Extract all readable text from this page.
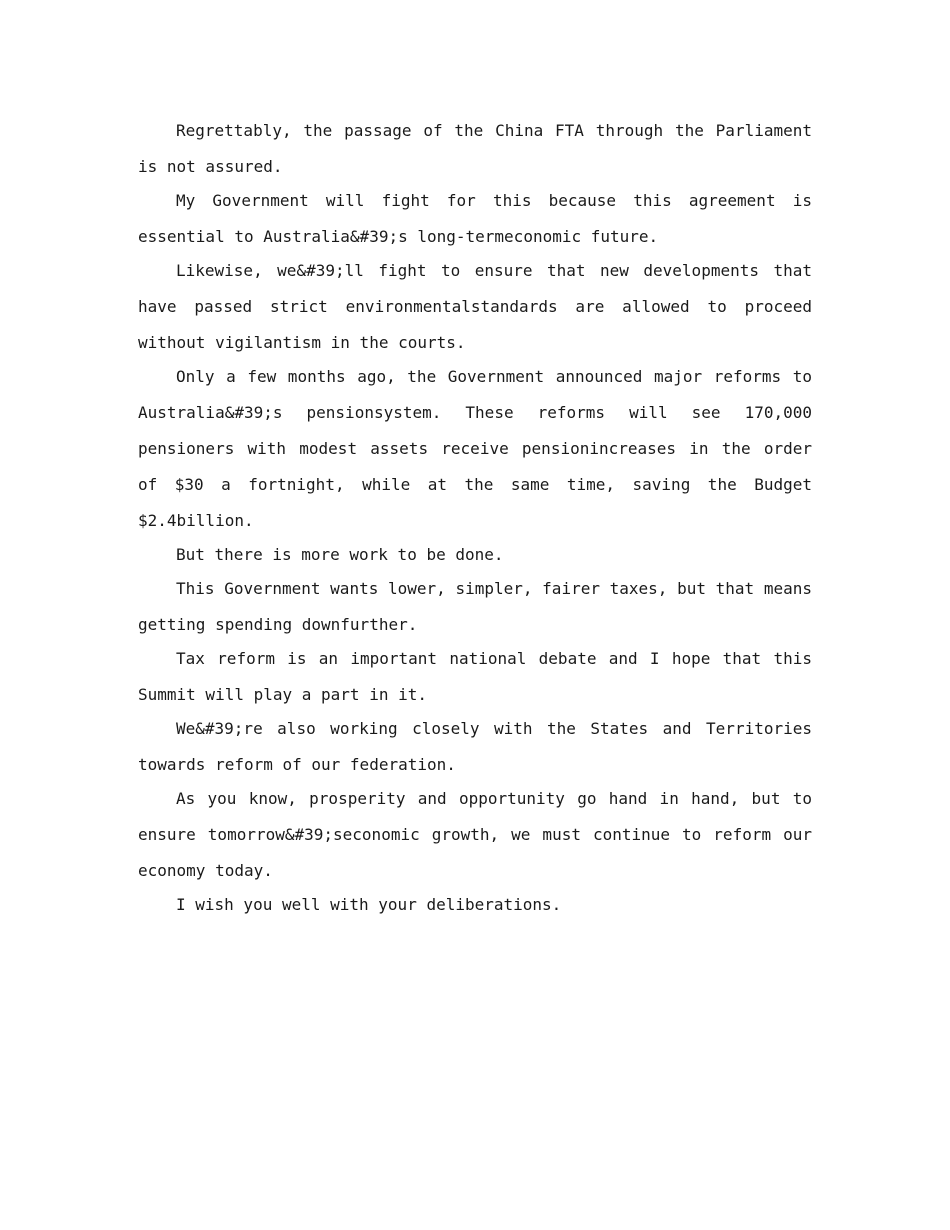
Regrettably, the passage of the China FTA through the Parliament is not assured.

My Government will fight for this because this agreement is essential to Australia&#39;s long-termeconomic future.

Likewise, we&#39;ll fight to ensure that new developments that have passed strict environmentalstandards are allowed to proceed without vigilantism in the courts.

Only a few months ago, the Government announced major reforms to Australia&#39;s pensionsystem. These reforms will see 170,000 pensioners with modest assets receive pensionincreases in the order of $30 a fortnight, while at the same time, saving the Budget $2.4billion.

But there is more work to be done.

This Government wants lower, simpler, fairer taxes, but that means getting spending downfurther.

Tax reform is an important national debate and I hope that this Summit will play a part in it.

We&#39;re also working closely with the States and Territories towards reform of our federation.

As you know, prosperity and opportunity go hand in hand, but to ensure tomorrow&#39;seconomic growth, we must continue to reform our economy today.

I wish you well with your deliberations.
